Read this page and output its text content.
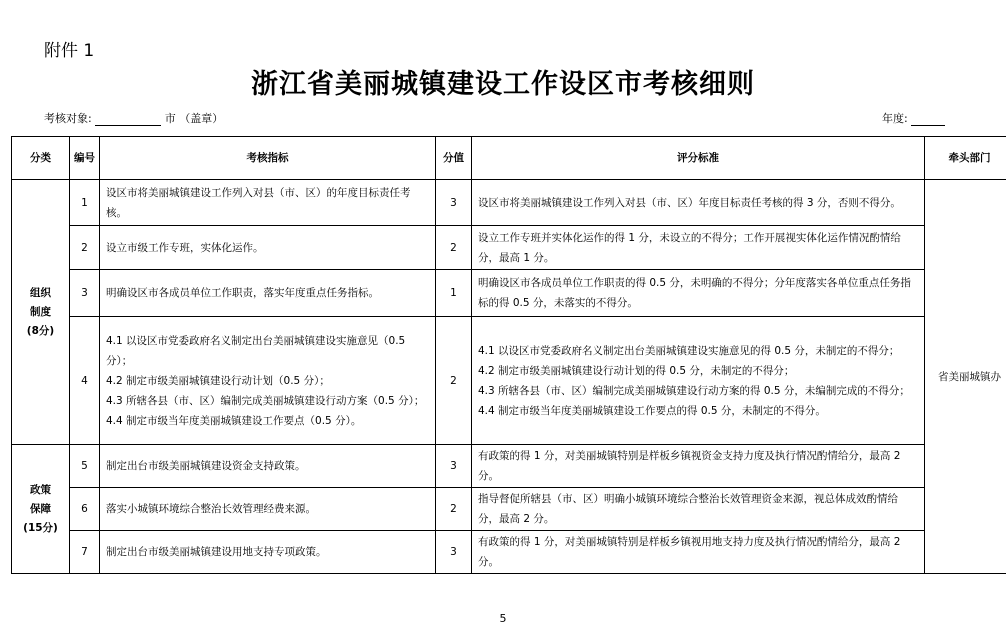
附件 1
浙江省美丽城镇建设工作设区市考核细则
考核对象:	市 （盖章）	年度:
分类	编号	考核指标	分值	评分标准	牵头部门

组织制度
(8分)	1	设区市将美丽城镇建设工作列入对县（市、区）的年度目标责任考核。	3	设区市将美丽城镇建设工作列入对县（市、区）年度目标责任考核的得 3 分，否则不得分。	省美丽城镇办
	2	设立市级工作专班，实体化运作。	2	设立工作专班并实体化运作的得 1 分，未设立的不得分；工作开展视实体化运作情况酌情给分，最高 1 分。	

	3	明确设区市各成员单位工作职责，落实年度重点任务指标。	1	明确设区市各成员单位工作职责的得 0.5 分，未明确的不得分；分年度落实各单位重点任务指标的得 0.5 分，未落实的不得分。	

	4	4.1 以设区市党委政府名义制定出台美丽城镇建设实施意见（0.5 分）；
4.2 制定市级美丽城镇建设行动计划（0.5 分）；
4.3 所辖各县（市、区）编制完成美丽城镇建设行动方案（0.5 分）；
4.4 制定市级当年度美丽城镇建设工作要点（0.5 分）。	2	4.1 以设区市党委政府名义制定出台美丽城镇建设实施意见的得 0.5 分，未制定的不得分；
4.2 制定市级美丽城镇建设行动计划的得 0.5 分，未制定的不得分；
4.3 所辖各县（市、区）编制完成美丽城镇建设行动方案的得 0.5 分，未编制完成的不得分；
4.4 制定市级当年度美丽城镇建设工作要点的得 0.5 分，未制定的不得分。	

政策保障
(15分)	5	制定出台市级美丽城镇建设资金支持政策。	3	有政策的得 1 分，对美丽城镇特别是样板乡镇视资金支持力度及执行情况酌情给分，最高 2 分。	

	6	落实小城镇环境综合整治长效管理经费来源。	2	指导督促所辖县（市、区）明确小城镇环境综合整治长效管理资金来源，视总体成效酌情给分，最高 2 分。	

	7	制定出台市级美丽城镇建设用地支持专项政策。	3	有政策的得 1 分，对美丽城镇特别是样板乡镇视用地支持力度及执行情况酌情给分，最高 2 分。	
5
